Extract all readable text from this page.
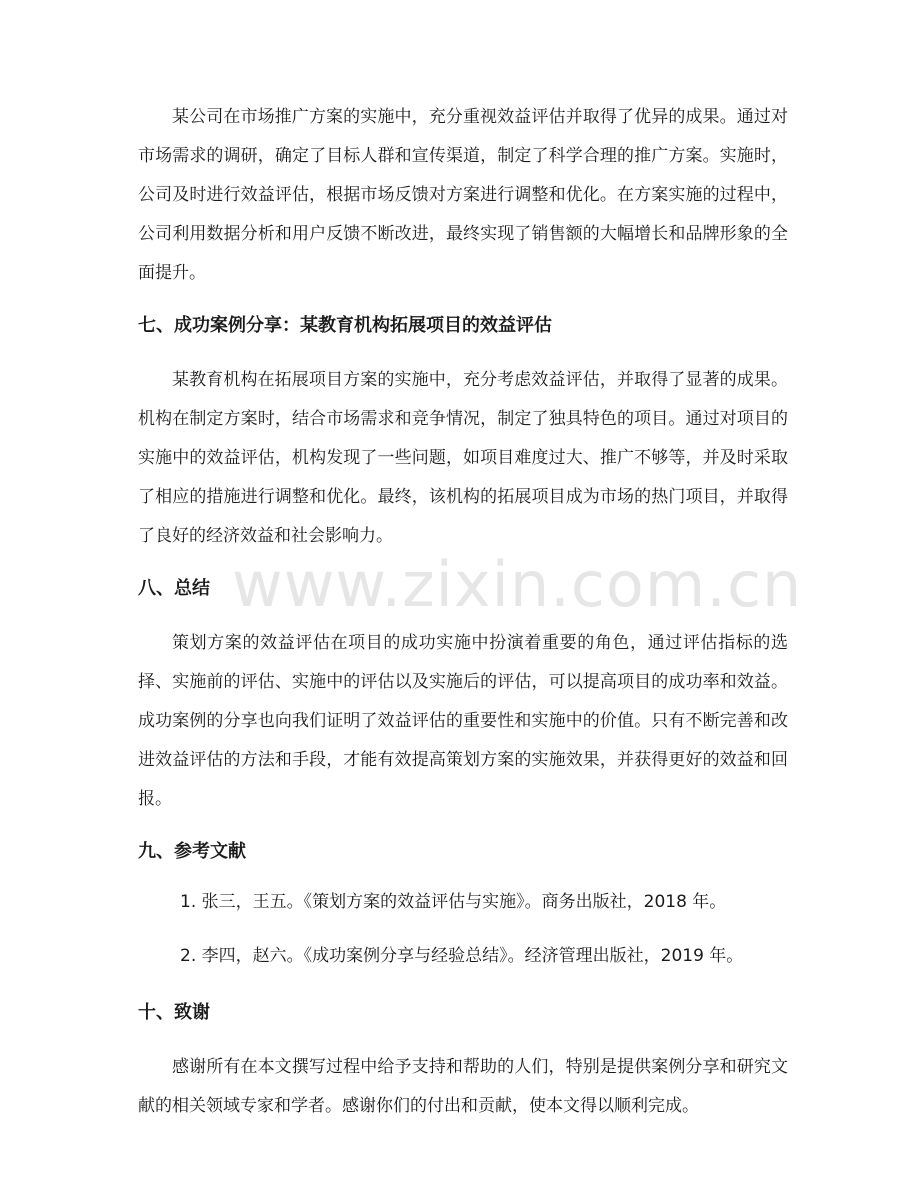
www.zixin.com.cn

某公司在市场推广方案的实施中，充分重视效益评估并取得了优异的成果。通过对市场需求的调研，确定了目标人群和宣传渠道，制定了科学合理的推广方案。实施时，公司及时进行效益评估，根据市场反馈对方案进行调整和优化。在方案实施的过程中，公司利用数据分析和用户反馈不断改进，最终实现了销售额的大幅增长和品牌形象的全面提升。

七、成功案例分享：某教育机构拓展项目的效益评估

某教育机构在拓展项目方案的实施中，充分考虑效益评估，并取得了显著的成果。机构在制定方案时，结合市场需求和竞争情况，制定了独具特色的项目。通过对项目的实施中的效益评估，机构发现了一些问题，如项目难度过大、推广不够等，并及时采取了相应的措施进行调整和优化。最终，该机构的拓展项目成为市场的热门项目，并取得了良好的经济效益和社会影响力。

八、总结

策划方案的效益评估在项目的成功实施中扮演着重要的角色，通过评估指标的选择、实施前的评估、实施中的评估以及实施后的评估，可以提高项目的成功率和效益。成功案例的分享也向我们证明了效益评估的重要性和实施中的价值。只有不断完善和改进效益评估的方法和手段，才能有效提高策划方案的实施效果，并获得更好的效益和回报。

九、参考文献

1. 张三，王五。《策划方案的效益评估与实施》。商务出版社，2018 年。

2. 李四，赵六。《成功案例分享与经验总结》。经济管理出版社，2019 年。

十、致谢

感谢所有在本文撰写过程中给予支持和帮助的人们，特别是提供案例分享和研究文献的相关领域专家和学者。感谢你们的付出和贡献，使本文得以顺利完成。
